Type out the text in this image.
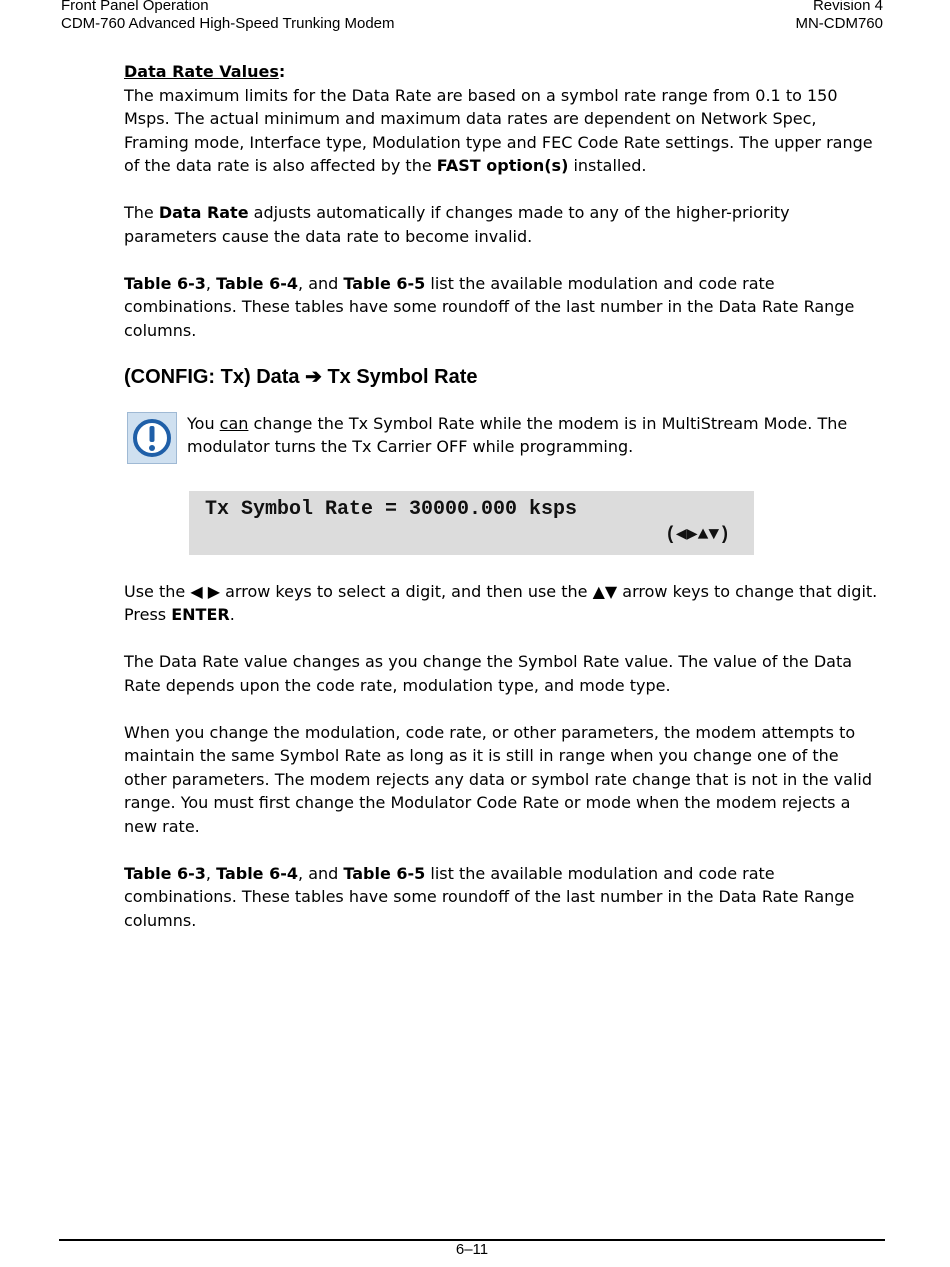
Front Panel Operation
CDM-760 Advanced High-Speed Trunking Modem
Revision 4
MN-CDM760

Data Rate Values:
The maximum limits for the Data Rate are based on a symbol rate range from 0.1 to 150 Msps. The actual minimum and maximum data rates are dependent on Network Spec, Framing mode, Interface type, Modulation type and FEC Code Rate settings. The upper range of the data rate is also affected by the FAST option(s) installed.

The Data Rate adjusts automatically if changes made to any of the higher-priority parameters cause the data rate to become invalid.

Table 6-3, Table 6-4, and Table 6-5 list the available modulation and code rate combinations. These tables have some roundoff of the last number in the Data Rate Range columns.

(CONFIG: Tx) Data ➔ Tx Symbol Rate
You can change the Tx Symbol Rate while the modem is in MultiStream Mode. The modulator turns the Tx Carrier OFF while programming.
Tx Symbol Rate = 30000.000 ksps
(◀▶▲▼)

Use the ◀ ▶ arrow keys to select a digit, and then use the ▲▼ arrow keys to change that digit. Press ENTER.

The Data Rate value changes as you change the Symbol Rate value. The value of the Data Rate depends upon the code rate, modulation type, and mode type.

When you change the modulation, code rate, or other parameters, the modem attempts to maintain the same Symbol Rate as long as it is still in range when you change one of the other parameters. The modem rejects any data or symbol rate change that is not in the valid range. You must first change the Modulator Code Rate or mode when the modem rejects a new rate.

Table 6-3, Table 6-4, and Table 6-5 list the available modulation and code rate combinations. These tables have some roundoff of the last number in the Data Rate Range columns.

6–11
